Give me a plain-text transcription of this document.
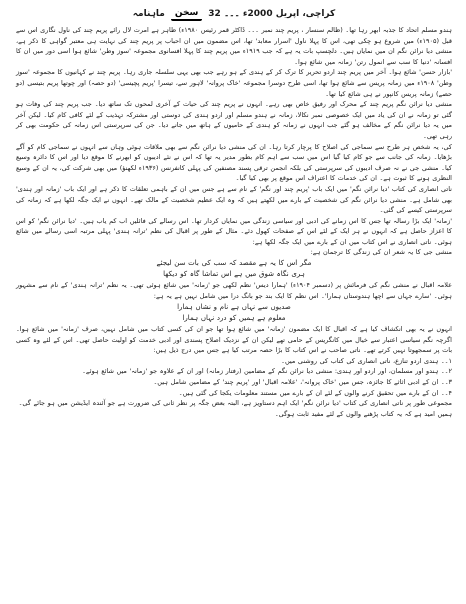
ماہنامہ	سخن	کراچی، اپریل 2000ء ۔۔۔ 32

ہندو مسلم اتحاد کا جذبہ ابھر رہا تھا۔ (ظالم سنسار ، پریم چند نمبر ۔۔۔ ڈاکٹر قمر رئیس ۱۹۸۰ء) ظاہر ہے امرت لال رائے پریم چند کی ناول نگاری اس سے قبل (۱۹۰۵ء) میں شروع ہو چکی تھی، اس کا پہلا ناول 'اسرار معابد' تھا، اس مضمون میں ان احباب پر پریم چند کی نہایت ہی معتبر گواہی کا ذکر ہے، منشی دیا نرائن نگم ان میں نمایاں ہیں۔ دلچسپ بات یہ ہے کہ جب ۱۹۱۹ء میں پریم چند کا پہلا افسانوی مجموعہ 'سوز وطن' شائع ہوا اسی دور میں ان کا افسانہ 'دنیا کا سب سے انمول رتن' زمانہ میں شائع ہوا۔

'بازار حسن' شائع ہوا۔ آخر میں پریم چند اردو تحریر کا ترک کر کے ہندی کے ہو رہے جب بھی یہی سلسلہ جاری رہا۔ پریم چند نے کہانیوں کا مجموعہ 'سوز وطن' ۱۹۰۸ء میں زمانہ پریس سے شائع ہوا تھا، اسی طرح دوسرا مجموعہ 'خاک پروانہ' لاہور سے، تیسرا 'پریم پچیسی' (دو حصہ) اور چوتھا پریم بتیسی (دو حصے) زمانہ پریس کانپور نے ہی شائع کیا تھا۔

منشی دیا نرائن نگم پریم چند کے محرک اور رفیق خاص بھی رہے۔ انہوں نے پریم چند کی حیات کے آخری لمحوں تک ساتھ دیا۔ جب پریم چند کی وفات ہو گئی تو زمانہ نے ان کی یاد میں ایک خصوصی نمبر نکالا، زمانہ نے ہندو مسلم اور اردو ہندی کی دوستی اور مشترکہ تہذیب کے لئے کافی کام کیا۔ لیکن آخر میں یہ دیا نرائن نگم کے مخالف ہو گئے جب انہوں نے زمانہ کو ہندی کے حامیوں کے ہاتھ میں جانے دیا۔ جن کی سرپرستی اس زمانہ کی حکومت بھی کر رہی تھی۔

کی، یہ شخص ہر طرح سے سماجی کی اصلاح کا پرچار کرتا رہا۔ ان کی منشی دیا نرائن نگم سے بھی ملاقات ہوئی وہاں سے انہوں نے سماجی کام کو آگے بڑھایا۔ زمانہ کی جانب سے جو کام کیا گیا اس میں سب سے اہم کام بطور مدیر یہ تھا کہ اس نے نئے ادیبوں کو ابھرنے کا موقع دیا اور اس کا دائرہ وسیع کیا۔ منشی جی نے نہ صرف ادیبوں کی سرپرستی کی بلکہ انجمن ترقی پسند مصنفین کی پہلی کانفرنس (۱۹۳۶ء لکھنؤ) میں بھی شرکت کی، یہ ان کے وسیع النظری ہونے کا ثبوت ہے۔ ان کی خدمات کا اعتراف اس موقع پر بھی کیا گیا۔

ناتی انصاری کی کتاب 'دیا نرائن نگم' میں ایک باب 'پریم چند اور نگم' کے نام سے ہے جس میں ان کے باہمی تعلقات کا ذکر ہے اور ایک باب 'زمانہ اور ہندی' بھی شامل ہے۔ منشی دیا نرائن نگم کی شخصیت کے بارے میں لکھتے ہیں کہ وہ ایک عظیم شخصیت کے مالک تھے۔ انہوں نے ایک جگہ لکھا ہے کہ زمانہ کی سرپرستی کیسے کی گئی۔

'زمانہ' ایک بڑا رسالہ تھا جس کا اس زمانے کی ادبی اور سیاسی زندگی میں نمایاں کردار تھا۔ اس رسالے کی فائلیں اب کم یاب ہیں۔ 'دیا نرائن نگم' کو اس کا اعزاز حاصل ہے کہ انہوں نے ہر ایک کے لئے اس کے صفحات کھول دئے۔ مثال کے طور پر اقبال کی نظم 'ترانہ ہندی' پہلی مرتبہ اسی رسالے میں شائع ہوئی۔ ناتی انصاری نے اس کتاب میں ان کے بارے میں ایک جگہ لکھا ہے:

منشی جی کا یہ شعر ان کی زندگی کا ترجمان ہے:

مگر اس کا یہ ہے مقصد کہ سب کی بات سن لیجئے

ہری نگاہ شوق میں ہے اس تماشا گاہ کو دیکھا

علامہ اقبال نے منشی نگم کی فرمائش پر (دسمبر ۱۹۰۴ء) 'ہمارا دیس' نظم لکھی جو 'زمانہ' میں شائع ہوئی تھی۔ یہ نظم 'ترانہ ہندی' کے نام سے مشہور ہوئی۔ 'سارے جہاں سے اچھا ہندوستاں ہمارا'۔ اس نظم کا ایک بند جو بانگ درا میں شامل نہیں ہے یہ ہے:

صدیوں سے نہاں ہے نام و نشاں ہمارا

معلوم ہے ہمیں کو درد نہاں ہمارا

انہوں نے یہ بھی انکشاف کیا ہے کہ اقبال کا ایک مضمون 'زمانہ' میں شائع ہوا تھا جو ان کی کسی کتاب میں شامل نہیں، صرف 'زمانہ' میں شائع ہوا۔ اگرچہ نگم سیاسی اعتبار سے خیال میں کانگریس کے حامی تھے لیکن ان کے نزدیک اصلاح پسندی اور ادبی خدمت کو اولیت حاصل تھی۔ اس کے لئے وہ کسی بات پر سمجھوتا نہیں کرتے تھے۔ ناتی صاحب نے اس کتاب کا بڑا حصہ مرتب کیا ہے جس میں درج ذیل ہیں:

۱۔۔ ہندی اردو تنازع، ناتی انصاری کی کتاب کی روشنی میں۔

۲۔۔ ہندو اور مسلمان، اور اردو اور ہندی: منشی دیا نرائن نگم کے مضامین (رفتار زمانہ) اور ان کے علاوہ جو 'زمانہ' میں شائع ہوئے۔

۳۔۔ ان کے ادبی اثاثے کا جائزہ، جس میں 'خاک پروانہ'، 'علامہ اقبال' اور 'پریم چند' کے مضامین شامل ہیں۔

۴۔۔ ان کے بارے میں تحقیق کرنے والوں کے لئے ان کے بارے میں مستند معلومات یکجا کی گئی ہیں۔

مجموعی طور پر ناتی انصاری کی کتاب 'دیا نرائن نگم' ایک اہم دستاویز ہے، البتہ بعض جگہ پر نظر ثانی کی ضرورت ہے جو آئندہ ایڈیشن میں ہو جائے گی۔

ہمیں امید ہے کہ یہ کتاب پڑھنے والوں کے لئے مفید ثابت ہوگی۔
